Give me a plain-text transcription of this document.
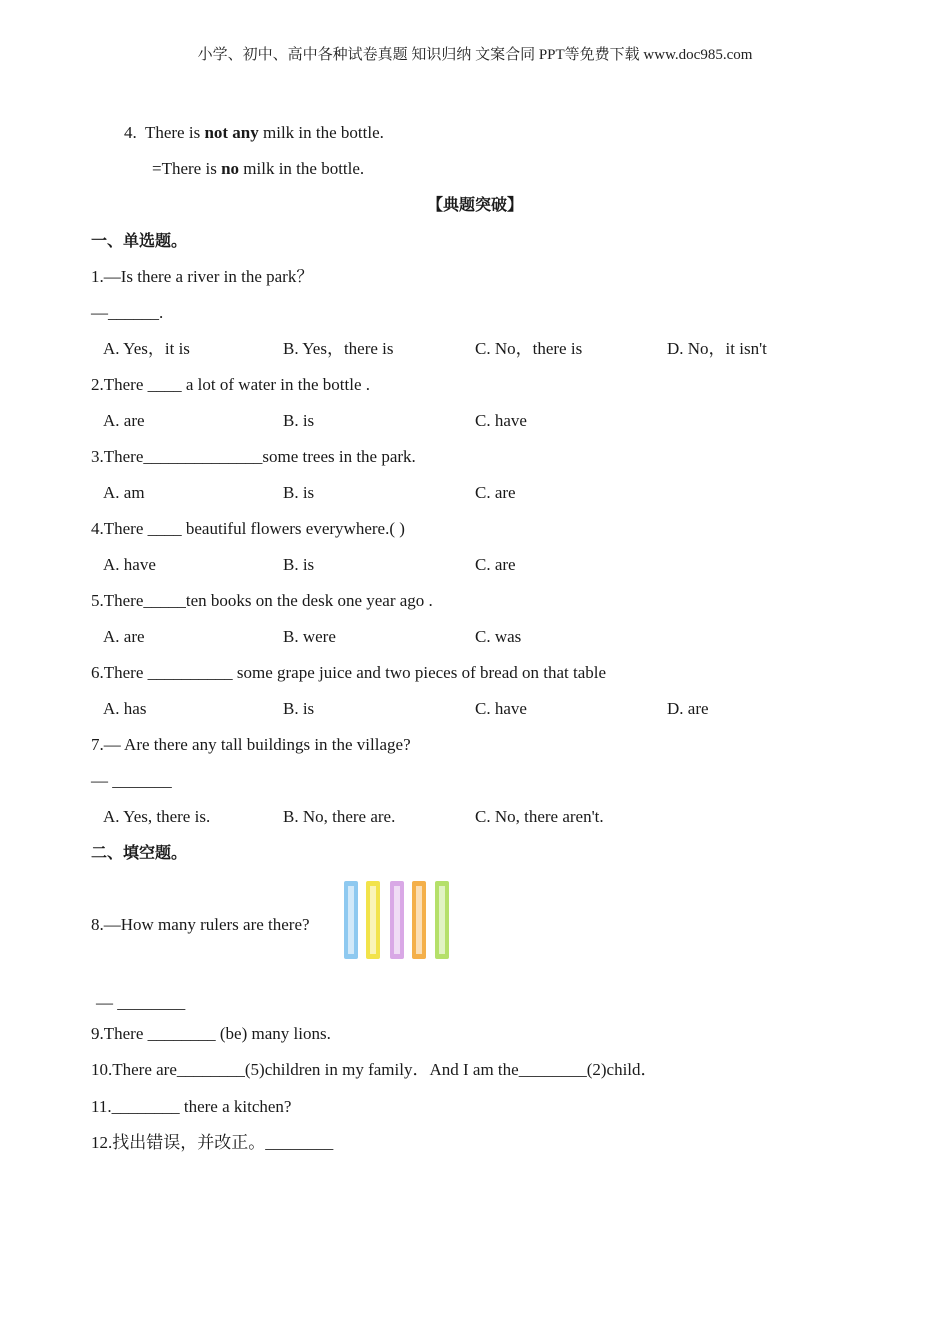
小学、初中、高中各种试卷真题 知识归纳 文案合同 PPT等免费下载 www.doc985.com
4. There is not any milk in the bottle.
=There is no milk in the bottle.
【典题突破】
一、单选题。
1.—Is there a river in the park？
—______.
A. Yes，it is	B. Yes，there is	C. No，there is	D. No，it isn't
2.There ____ a lot of water in the bottle .
A. are	B. is	C. have
3.There______________some trees in the park.
A. am	B. is	C. are
4.There ____ beautiful flowers everywhere.( )
A. have	B. is	C. are
5.There_____ten books on the desk one year ago .
A. are	B. were	C. was
6.There __________ some grape juice and two pieces of bread on that table
A. has	B. is	C. have	D. are
7.— Are there any tall buildings in the village?
— _______
A. Yes, there is.	B. No, there are.	C. No, there aren't.
二、填空题。
8.—How many rulers are there?
— ________
9.There ________ (be) many lions.
10.There are________(5)children in my family．And I am the________(2)child．
11.________ there a kitchen?
12.找出错误，并改正。________
